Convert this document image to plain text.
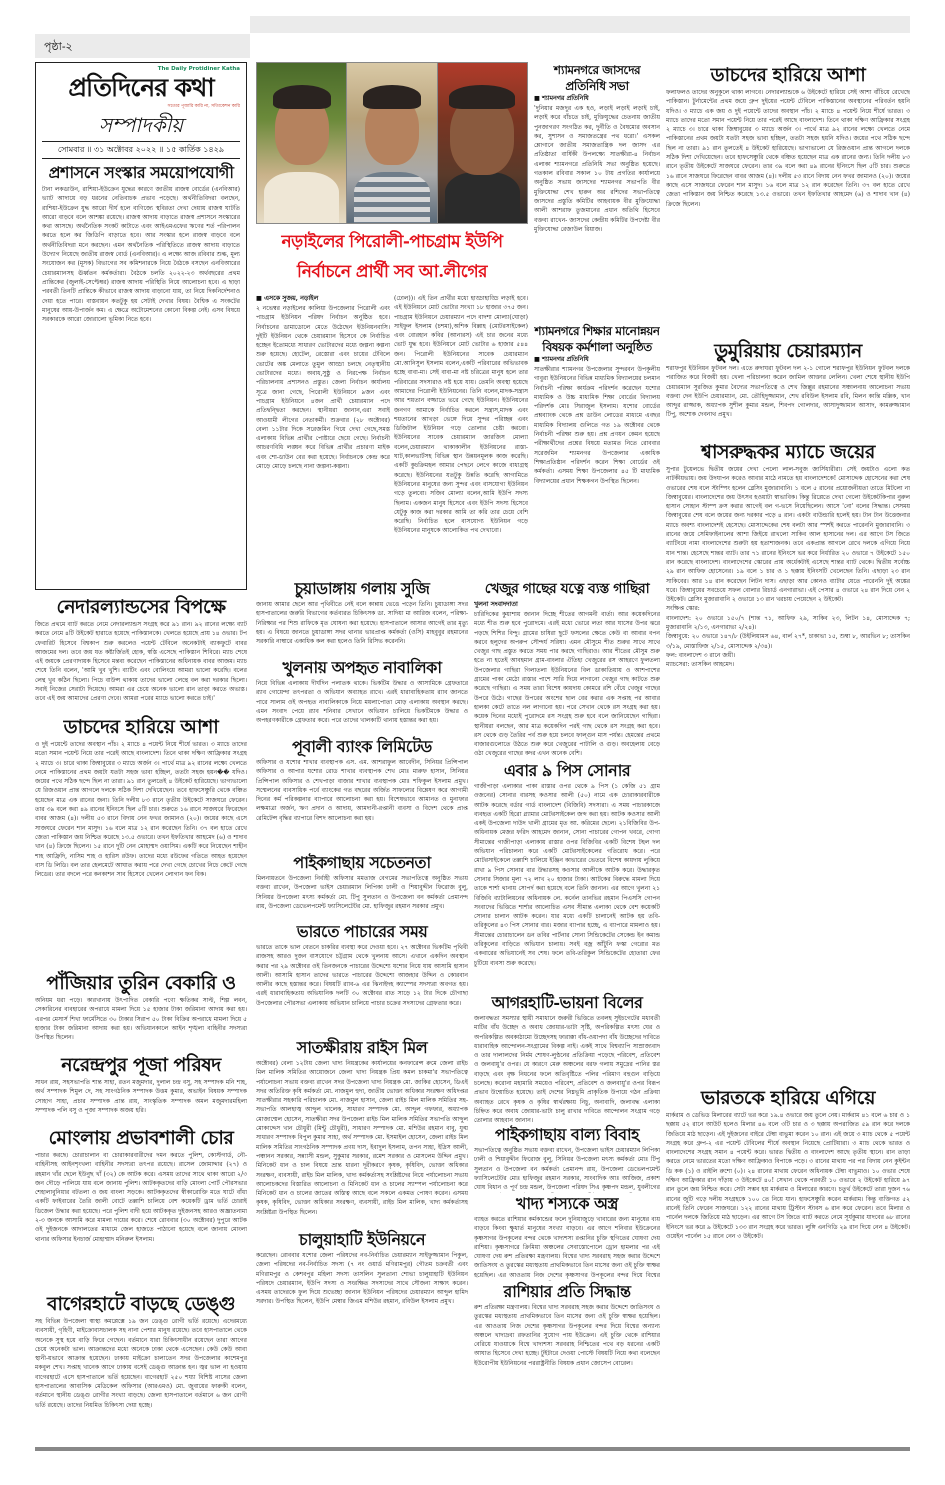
পৃষ্ঠা-২
The Daily Protidiner Katha
প্রতিদিনের কথা
সত্যের পূজারি কারি না, সত্যিকেশন কারি
সম্পাদকীয়
সোমবার ॥ ৩১ অক্টোবর ২০২২ ॥ ১৫ কার্তিক ১৪২৯
প্রশাসনে সংস্কার সময়োপযোগী
টানা লকডাউন, রাশিয়া-ইউক্রেন যুদ্ধের কারণে জাতীয় রাজস্ব বোর্ডের (এনবিআর) ভ্যাট আদায়ে বড় ধরনের নেতিবাচক প্রভাব পড়েছে। অর্থনীতিবিদরা বলছেন, রাশিয়া-ইউক্রেন যুদ্ধ আরো দীর্ঘ হলে বাণিজ্যে স্থবিরতা দেখা দেয়ায় রাজস্ব ঘাটতি আরো বাড়বে বলে আশঙ্কা রয়েছে। রাজস্ব আদায় বাড়াতে রাজস্ব প্রশাসনে সংস্কারের কথা আসছে। অর্থনৈতিক সংকট কাটাতে এবং আইএমএফের ঋণের শর্ত পরিপালন করতে হলে কর জিডিপি বাড়াতে হবে। আর সংস্কার হলে রাজস্ব বাড়বে বলে অর্থনীতিবিদরা মনে করছেন। এমন অর্থনৈতিক পরিস্থিতিতে রাজস্ব আদায় বাড়াতে উদ্যোগ নিয়েছে জাতীয় রাজস্ব বোর্ড (এনবিআর)। এ লক্ষ্যে আজ রবিবার শুল্ক, মূল্য সংযোজন কর (মূসক) বিভাগের সব কমিশনারকে নিয়ে বৈঠকে বসছেন এনবিআরের চেয়ারম্যানসহ ঊর্ধ্বতন কর্মকর্তারা। বৈঠকে চলতি ২০২২-২৩ অর্থবছরের প্রথম প্রান্তিকের (জুলাই-সেপ্টেম্বর) রাজস্ব আদায় পরিস্থিতি নিয়ে আলোচনা হবে। এ ছাড়া পরবর্তী তিনটি প্রান্তিকে কীভাবে রাজস্ব আদায় বাড়ানো যায়, তা নিয়ে দিকনির্দেশনাও দেয়া হতে পারে। বাস্তবায়ন কতটুকু হয় সেটাই দেখার বিষয়। বৈশ্বিক এ সংকটের মানুষের আয়-উপার্জন কম। এ ক্ষেত্রে অটোমেশনের কোনো বিকল্প নেই। এসব বিষয়ে সরকারকে আরো জোরালো ভূমিকা নিতে হবে।
নেদারল্যান্ডসের বিপক্ষে
জিতে প্রথমে ব্যাট করতে নেমে নেদারল্যান্ডস সংগ্রহ করে ৯১ রান। ৯২ রানের লক্ষ্যে ব্যাট করতে নেমে ৪টি উইকেট হারাতে হয়েছে পাকিস্তানকে। খেলতে হয়েছে প্রায় ১৪ ওভার। টপ ফেবারিট হিসেবে বিশ্বকাপ শুরু করলেও পয়েন্ট টেবিলে অনেকটাই ব্যাকফুটে বাবর আজমের দল। তবে জয় যত কষ্টার্জিতই হোক, স্বস্তি এসেছে পাকিস্তান শিবিরে। ম্যাচ শেষে এই জয়কে প্রেরণাদায়ক হিসেবে মন্তব্য করেছেন পাকিস্তানের অধিনায়ক বাবর আজম। ম্যাচ শেষে তিনি বলেন, 'আমি খুব খুশি। ব্যাটিং এবং বোলিংয়ে আমরা ভালো করেছি। বলের লেন্থ খুব কঠিন ছিলো। পিচে বাউন্স থাকায় তাদের ভালো লেন্থে বল করা দরকার ছিলো। সবাই নিজের সেরাটা দিয়েছে। আমরা এর চেয়ে অনেক ভালো রান তাড়া করতে অভ্যস্ত। তবে এই জয় আমাদের প্রেরণা দেবে। আমরা পরের ম্যাচে ভালো করতে চাই।'
ডাচদের হারিয়ে আশা
ও দুই পয়েন্টে তাদের অবস্থান পাঁচ। ২ ম্যাচে ৪ পয়েন্ট নিয়ে শীর্ষে ভারত। ৩ ম্যাচে তাদের মতো সমান পয়েন্ট নিয়ে তার পরেই আছে বাংলাদেশ। তিনে থাকা দক্ষিণ আফ্রিকার সংগ্রহ ২ ম্যাচে ৩। চারে থাকা জিম্বাবুয়ের ৩ ম্যাচে অর্জন ৩। পার্থে মাত্র ৯২ রানের লক্ষ্যে খেলতে নেমে পাকিস্তানের প্রথম জয়টা যতটা সহজ ভাবা হচ্ছিল, ততটা সহজ হয়ন�� যদিও। জয়ের পথে সঠিক ছন্দে ছিল না তারা। ৯১ রান তুলতেই ৪ উইকেট হারিয়েছে। ভাগ্যভালো যে রিজওয়ান প্রান্ত আগলে দলকে সঠিক দিশা দেখিয়েছেন। তবে হাফসেঞ্চুরি থেকে বঞ্চিত হয়েছেন মাত্র এক রানের জন্য। তিনি দলীয় ৮৩ রানে তৃতীয় উইকেটে সাজঘরে ফেরেন। তার ৩৯ বলে করা ৪৯ রানের ইনিংসে ছিল ৫টি চার। শুরুতে ১৬ রানে সাজঘরে ফিরেছেন বাবর আজম (৪)। দলীয় ৫৩ রানে বিদায় নেন ফখর জামানও (২০)। জয়ের কাছে এসে সাজঘরে ফেরেন শান মাসুদ। ১৬ বলে মাত্র ১২ রান করেছেন তিনি। ৩৭ বল হাতে রেখে জেতা পাকিস্তান জয় নিশ্চিত করেছে ১৩.৫ ওভারে। তখন ইফতিখার আহমেদ (৬) ও শাদাব খান (৪) ক্রিজে ছিলেন। ১৫ রানে দুটি নেন মোহাম্মদ ওয়াসিম। একটি করে নিয়েছেন শাহীন শাহ আফ্রিদি, নাসিম শাহ ও হারিস রউফ। তাদের মধ্যে রউফের গতিতে আহত হয়েছেন বাস ডি লিডি। বল তার হেলমেটে আঘাত করায় পরে দেখা গেছে চোখের নিচে কেটে গেছে লিডের। তার বদলে পরে কনকাশন সাব হিসেবে খেলেন লোগান ফন বিক।
পাঁজিয়ার তুরিন বেকারি ও
অনিয়ম ধরা পড়ে। কারখানায় উৎপাদিত বেকারি পণ্যে ক্ষতিকর সাল্ট, শিল্প লবন, সেকারিনের ব্যবহারের অপরাধে মামলা দিয়ে ১৫ হাজার টাকা জরিমানা আদায় করা হয়। এরপর মেসার্স শিখা ফার্মেসিতে ৩০ টাকার সিরাপ ৫০ টাকা বিক্রির অপরাধে মামলা দিয়ে ৫ হাজার টাকা জরিমানা আদায় করা হয়। অভিযানকালে আইন শৃঙ্খলা বাহিনীর সদস্যরা উপস্থিত ছিলেন।
নরেন্দ্রপুর পূজা পরিষদ
সাধন রায়, সহসভাপতি শান্ত সাহা, রতন মজুমদার, দুলাল চন্দ্র বসু, সহ সম্পাদক মনি শাহ, অর্থ সম্পাদক শিমুল দে, সহ সাংগঠনিক সম্পাদক উত্তম কুমার, অভাইন বিষয়ক সম্পাদক সোহাগ সাহা, প্রচার সম্পাদক প্রান্ত রায়, সাংস্কৃতিক সম্পাদক অমল মজুমদারমহিলা সম্পাদক পলি বসু ও পূজা সম্পাদক অজয় হরি।
মোংলায় প্রভাবশালী চোর
পাচার করছে। চোরাচালান বা চোরাকারবারীদের দমন করতে পুলিশ, কোস্টগার্ড, নৌ-বাহিনীসহ আইনশৃংখলা বাহিনীর সদস্যরা তৎপর রয়েছে। রাসেল জোমাদ্দার (২৭) ও রহমান খাঁর ছেলে ইউনুছ খাঁ (৩২) কে আটক করে। এসময় তাদের সাথে থাকা আরো ২/৩ জন দৌড়ে পালিয়ে যায় বলে জানায় পুলিশ। আটককৃতদের বাড়ি মোংলা পোর্ট পৌরসভার শেহালাবুনিয়ার বটতলা ও জয় বাংলা সড়কে। আটককৃতদের স্বীকারোক্তি মতে ঘাটে বাঁধা একটি ফাইবারের তৈরি জালী বোটে তল্লাশি চালিয়ে বেশ কয়েকটি ড্রাম ভর্তি চোরাই ডিজেল উদ্ধার করা হয়েছে। পরে পুলিশ বাদী হয়ে আটককৃত দুইজনসহ আরও অজ্ঞাতনামা ২-৩ জনকে আসামি করে মামলা দায়ের করে। শেষে রোববার (৩০ অক্টোবর) দুপুরে আটক ওই দুইজনকে আদালতের মাধ্যমে জেল হাজতে পাঠানো হয়েছে বলে জানায় মোংলা থানার অফিসার ইনচার্জ মোহাম্মাদ মনিরুল ইসলাম।
বাগেরহাটে বাড়ছে ডেঙ্গু
সহ বিভিন্ন উপজেলা স্বাস্থ্য কমপ্লেক্সে ১৯ জন ডেঙ্গু রোগী ভর্তি রয়েছে। এদেরমধ্যে ব্যবসায়ী, গৃহিণী, মাইক্রোবাসচালক সহ নানা পেশার মানুষ রয়েছে। তবে হাসপাতালে থেকে অনেকে সুস্থ হয়ে বাড়ি ফিরে গেছেন। বর্তমানে যারা চিকিৎসাধীন রয়েছেন তারা আগের চেয়ে অনেকটা ভাল। আক্রান্তদের মধ্যে অনেকে ঢাকা থেকে এসেছেন। কেউ কেউ আবা স্থানী-য়ভাবে আক্রান্ত হয়েছেন। ঢাকায় মাইক্রো চালাতেন সদর উপজেলার কাশেমপুর মকবুল শেখ। সপ্তাহ খানেক আগে ঢাকায় বসেই ডেঙ্গু আক্রান্ত হন। জ্বর ভাল না হওয়ায় বাগেরহাটে এসে হাসপাতালে ভর্তি হয়েছেন। বাগেরহাট ২৫০ শয্যা বিশিষ্ট নাসের জেলা হাসপাতালের আবাসিক মেডিকেল অফিসার (আরএমও) মো. জুবায়ের ফারুকী বলেন, বর্তমানে স্থানীয় ডেঙ্গু রোগীর সংখ্যা বাড়ছে। জেলা হাসপাতালে বর্তমানে ৬ জন রোগী ভর্তি রয়েছে। তাদের নিয়মিত চিকিৎসা দেয়া হচ্ছে।
নড়াইলের পিরোলী-পাচগ্রাম ইউপি নির্বাচনে প্রার্থী সব আ.লীগের
শ্যামনগরে জাসদের প্রতিনিধি সভা
■ শ্যামনগর প্রতিনিধি
'দুনিয়ার মজদুর এক হও, লড়াই লড়াই লড়াই চাই, লড়াই করে বাঁচতে চাই, মুক্তিযুদ্ধের চেতনায় জাতীয় পুনজাগরণ সংগঠিত কর, দুর্নীতি ও বৈষম্যের অবসান কর, সুশাসন ও সমাজতন্ত্রের পথ ধরো।' এসকল শ্লোগানে জাতীয় সমাজতান্ত্রিক দল জাসদ এর প্রতিষ্ঠাতা বার্ষিকী উপলক্ষ্যে সাতক্ষীরা-৪ নির্বাচন এলাকা শ্যামনগরে প্রতিনিধি সভা অনুষ্ঠিত হয়েছে। গতকাল রবিবার সকাল ১০ টায় প্রগতির কার্যালয়ে অনুষ্ঠিত সভায় জাসদের শ্যামনগর সভাপতি বীর মুক্তিযোদ্ধা শেখ হারুন অর রশিদের সভাপতিত্বে জাসদের প্রস্তুতি কমিটির আহবায়ক বীর মুক্তিযোদ্ধা আলী আশরাফ তুজমানের প্রধান অতিথি হিসেবে বক্তব্য রাখেন- জাসদের কেন্দ্রীয় কমিটির উপদেষ্টা বীর মুক্তিযোদ্ধা রেজাউল রিয়াজ।
শ্যামনগরে শিক্ষার মানোন্নয়ন বিষয়ক কর্মশালা অনুষ্ঠিত
■ শ্যামনগর প্রতিনিধি
সাতক্ষীরার শ্যামনগর উপজেলার সুন্দরবন উপকূলীয় গাবুরা ইউনিয়নের বিভিন্ন মাধ্যমিক বিদ্যালয়ের চলমান নির্বাচনী পরিক্ষা কার্যক্রম পরিদর্শন করেছেন যশোর মাধ্যমিক ও উচ্চ মাধ্যমিক শিক্ষা বোর্ডের বিদ্যালয় পরিদর্শক মোঃ সিরাজুল ইসলাম। যশোর বোর্ডের প্রশ্নব্যাংক থেকে প্রশ্ন ডাউন লোডের মাধ্যমে এবছর মাধ্যমিক বিদ্যালয় গুলিতে গত ১৯ অক্টোবর থেকে নির্বাচনী পরিক্ষা শুরু হয়। প্রশ্ন প্রণয়ন কেমন হয়েছে পরীক্ষার্থীদের প্রশ্নের বিষয়ে মতামত নিতে রোববার সরেজমিন শ্যামনগর উপজেলার একাধিক শিক্ষাপ্রতিষ্ঠান পরিদর্শন করেন শিক্ষা বোর্ডের ওই কর্মকর্তা। এসময় শিক্ষা উপজেলার ৪৫ টি মাধ্যমিক বিদ্যালয়ের প্রধান শিক্ষকগন উপস্থিত ছিলেন।
■ এসকে সুজয়, নড়াইল
২ নভেম্বর নড়াইলের কালিয়া উপজেলার পিরোলী এবং পাচগ্রাম ইউনিয়ন পরিষদ নির্বাচন অনুষ্ঠিত হবে। নির্বাচনের ডামাডোলে মেতে উঠেছেন ইউনিয়নবাসি। দুইটি ইউনিয়ন থেকে চেয়ারম্যান হিসেবে কে নির্বাচিত হচ্ছেন ইতোমধ্যে সাধারণ ভোটারদের মধ্যে জল্পনা কল্পনা শুরু হয়েছে। হোটেল, রেস্তোরা এবং চায়ের টেবিলে ভোটের অঙ্ক মেলাতে তুমুল আড্ডা চলছে নেতৃস্থানীয় ভোটারদের মধ্যে। অবাধ,সুষ্ঠু ও নিরপেক্ষ নির্বাচন পরিচালনায় প্রশাসনও প্রস্তুত। জেলা নির্বাচন কার্যালয় সূত্রে জানা গেছে, পিরোলী ইউনিয়নে ৯জন এবং পাচগ্রাম ইউনিয়নে ৪জন প্রার্থী চেয়ারম্যান পদে প্রতিদ্বন্দ্বিতা করছেন। স্থানীয়রা জানান,এরা সবাই আওয়ামী লীগের নেতাকর্মী। শুক্রবার (২৮ অক্টোবর) বেলা ১১টার দিকে সরেজমিন গিয়ে দেখা গেছে,সমস্ত এলাকায় বিভিন্ন প্রার্থীর পোষ্টারে ছেয়ে গেছে। নির্বাচনী আচরণবিধি লঙ্ঘন করে বিভিন্ন প্রার্থীর প্রচারণা মাইক এবং শো-ডাউন বের করা হয়েছে। নির্বাচনকে কেন্দ্র করে মোড়ে মোড়ে চলছে নানা জল্পনা-কল্পনা।
(ঢোল))। এই তিন প্রার্থীর মধ্যে হাড্ডাহাড্ডি লড়াই হবে। এই ইউনিয়নে মোট ভোটার সংখ্যা ১৮ হাজার ৩৭৫ জন। পাচগ্রাম ইউনিয়নে চেয়ারম্যান পদে বাদশা মোল্যা(ঘোড়া) সাইফুল ইসলাম (চশমা),অশিক বিল্লাহ (মোটরসাইকেল) এবং বোরহান কবির (আনারস) এই চার জনের মধ্যে ভোট যুদ্ধ হবে। ইউনিয়নে মোট ভোটার ৬ হাজার ৫৪৪ জন। পিরোলী ইউনিয়নের সাবেক চেয়ারম্যান মো.আনিসুল ইসলাম বলেন,একটি পরিবারের অভিভাবক হচ্ছে বাবা-মা। সেই বাবা-মা নষ্ট চরিত্রের মানুষ হলে তার পরিবারের সদস্যরাও নষ্ট হয়ে যায়। তেমনি অবস্থা হয়েছে আমাদের পিরোলী ইউনিয়নের। তিনি বলেন,মাদক-সন্ত্রাস আর শয়তান বজ্জাতে ভরে গেছে ইউনিয়ন। ইউনিয়নের জনগণ আমাকে নির্বাচিত করলে সন্ত্রাস,মাদক এবং শয়তানের আখড়া ভেঙ্গে দিয়ে সুন্দর পরিচ্ছন্ন এবং ডিজিটাল ইউনিয়ন গড়ে তোলার চেষ্টা করবো। ইউনিয়নের সাবেক চেয়ারম্যান জারজিস মোল্যা বলেন,চেয়ারম্যান থাকাকালীন ইউনিয়নের রাস্তা-ঘাট,কালভার্টসহ বিভিন্ন স্থান উন্নয়নমূলক কাজ করেছি। একটি কুচক্রিমহল আমার পেছনে লেগে কাজে বাধাগ্রস্থ করেছে। ইউনিয়নের যতটুকু উন্নতি করেছি আগামিতে ইউনিয়নের মানুষের জন্য সুন্দর এবং বাসযোগ্য ইউনিয়ন গড়ে তুলবো। সজিব মোল্যা বলেন,আমি ইউপি সদস্য ছিলাম। একজন মানুষ হিসেবে এবং ইউপি সদস্য হিসেবে যেটুকু কাজ করা দরকার আমি তা করি তার চেয়ে বেশি করেছি। নির্বাচিত হলে বাসযোগ্য ইউনিয়ন গড়ে ইউনিয়নের মানুষকে আলোকিত পথ দেখাবো।
চুয়াডাঙ্গায় গলায় সুজি
জানায় আমার ছেলে আর পৃথিবীতে নেই বলে কান্নায় ভেঙে পড়েন তিনি। চুয়াডাঙ্গা সদর হাসপাতালের জরুরি বিভাগের কর্তব্যরত চিকিৎসক ডা. সাদিয়া মা আরিজ বলেন, পরিক্ষা-নিরিক্ষার পর শিশু রাফিকে মৃত ঘোষনা করা হয়েছে। হাসপাতালে আসার আগেই তার মৃত্যু হয়। এ বিষয়ে জানতে চুয়াডাঙ্গা সদর থানার ভারপ্রাপ্ত কর্মকর্তা (ওসি) মাহবুবুর রহমানের সরকারি নাম্বারে একাধিক কল করা হলেও তিনি রিসিভ করেননি।
খুলনায় অপহৃত নাবালিকা
নিয়ে বিভিন্ন এলাকায় দীর্ঘদিন পলাতক থাকে। ভিকটিম উদ্ধার ও আসামিকে গ্রেফতারে র‌্যাব গোয়েন্দা তৎপরতা ও অভিযান অব্যাহত রাখে। এরই ধারাবাহিকতায় র‌্যাব জানতে পারে সালাম ওই অপহৃত নাবালিকাকে নিয়ে ময়লাপোতা মোড় এলাকায় অবস্থান করছে। এমন সংবাদ পেয়ে র‌্যাব শনিবার সেখানে অভিযান চালিয়ে ভিকটিমকে উদ্ধার ও অপহরণকারীকে গ্রেফতার করে। পরে তাদের খালকাটি থানায় হস্তান্তর করা হয়।
পূবালী ব্যাংক লিমিটেড
অফিসার ও যশোর শাখার ব্যবস্থাপক এস. এম. আশরাফুল আবেদীন, সিনিয়র প্রিন্সিপাল অফিসার ও আপার যশোর রোড শাখার ব্যবস্থাপক শেখ মোঃ মারুফ হাসান, সিনিয়র প্রিন্সিপাল অফিসার ও শেখপাড়া বাজার শাখার ব্যবস্থাপক মোঃ শফিকুল ইসলাম প্রমুখ। সম্মেলনের ব্যবসায়িক পর্বে ব্যাংকের গত বছরের অর্জিত সাফল্যের বিশ্লেষণ করে আগামী দিনের কর্ম পরিকল্পনার ব্যাপারে আলোচনা করা হয়। বিশেষভাবে আমানত ও মুনাফার লক্ষমাত্রা অর্জন, ঋণ প্রদান ও আদায়, আমদানী-রপ্তানী ব্যবসা ও বিদেশ থেকে প্রাপ্ত রেমিটেন্স বৃদ্ধির ব্যাপারে বিশদ আলোচনা করা হয়।
পাইকগাছায় সচেতনতা
মিলনায়তনে উপজেলা নির্বাহী অফিসার মমতাজ বেগমের সভাপতিত্বে অনুষ্ঠিত সভায় বক্তব্য রাখেন, উপজেলা ভাইস চেয়ারম্যান লিপিকা ঢালী ও শিয়াবুদ্দীন ফিরোজ বুলু, সিনিয়র উপজেলা মৎস্য কর্মকর্তা মো. টিপু সুলতান ও উপজেলা বন কর্মকর্তা প্রেমানন্দ রায়, উপজেলা ডেভেলপমেন্ট ফ্যাসিলেটেটর মো. হাফিজুর রহমান সরকার প্রমুখ।
ভারতে পাচারের সময়
ভারতে তাকে ভাল বেতনে চাকরির ব্যবস্থা করে দেওয়া হবে। ২৭ অক্টোবর ভিকটিম পৃথিবী রাজসহ আরও দুজন বাসযোগে চট্টগ্রাম থেকে খুলনায় আসে। এখানে একদিন অবস্থান করার পর ২৯ অক্টোবর ওই তিনজনকে পাচারের উদ্দেশ্যে যশোর নিয়ে যায় আসামি হাসান আলী। আসামি হাসান তাদের ভারতে পাচারের উদ্দেশ্যে আজহার উদ্দিন ও কোরবান আলীর কাছে হস্তান্তর করে। বিষয়টি র‌্যাব-৬ এর ঝিনাইদহ ক্যাম্পের সদস্যরা অবগত হয়। এরই ধারাবাহিকতায় অভিযানিক দলটি ৩০ অক্টোবর রাত সাড়ে ১২ টার দিকে চৌগাছা উপজেলার পৌরসভা এলাকায় অভিযান চালিয়ে পাচার চক্রের সদস্যদের গ্রেফতার করে।
সাতক্ষীরায় রাইস মিল
অক্টোবর) বেলা ১২টায় জেলা খাদ্য নিয়ন্ত্রকের কার্যালয়ের কনফারেন্স রুমে জেলা রাইচ মিল মালিক সমিতির আয়োজনে জেলা খাদ্য নিয়ন্ত্রক প্রিয় কমল চাকমা'র সভাপতিত্বে পর্যালোচনা সভায় বক্তব্য রাখেন সদর উপজেলা খাদ্য নিয়ন্ত্রক মো. জাকির হোসেন, ডিএই সদর অতিরিক্ত কৃষি কর্মকর্তা মো. নাজমুল হুদা, জাতীয় ভোক্তা অধিকার সংরক্ষণ অধিদপ্তর সাতক্ষীরার সহকারি পরিচালক মো. নাজমুল হাসান, জেলা রাইচ মিল মালিক সমিতির সহ-সভাপতি আলহাজ্ব আব্দুল খালেক, সাধারণ সম্পাদক মো. আব্দুল গফফার, অধ্যাপক মোজাম্মেল হোসেন, সাতক্ষীরা সদর উপজেলা রাইচ মিল মালিক সমিতির সভাপতি আব্দুল মোকাদ্দেস খান চৌধুরী (মিন্টু চৌধুরী), সাধারণ সম্পাদক মো. মশিউর রহমান বাবু, যুগ্ম সাধারণ সম্পাদক বিপুল কুমার সাহা, অর্থ সম্পাদক মো. ইসমাইল হোসেন, জেলা রাইচ মিল মালিক সমিতির সাংগঠনিক সম্পাদক প্রণয় দাস, ইবাদুল ইসলাম, তপন সাহা, ইদ্রিস আলী, পঞ্চানন সরকার, সন্ন্যাসী মন্ডল, সুকুমার সরকার, রমেশ সরকার ও মোসলেম উদ্দিন প্রমুখ। মিনিকেট ধান ও চাল বিষয়ে ভ্রান্ত ধারনা দূরীকরণে কৃষক, কৃষিবিদ, ভোক্তা অধিকার সংরক্ষণ, ব্যবসায়ী, রাইচ মিল মালিক, খাদ্য কর্মকর্তাসহ সংশ্লিষ্টদের নিয়ে পর্যালোচনা সভায় আলোচকদের বিস্তারিত আলোচনা ও মিনিকেট ধান ও চালের স্যাম্পল পর্যালোচনা করে মিনিকেট ধান ও চালের জাতের অস্তিত্ব আছে বলে সকলে একমত পোষণ করেন। এসময় কৃষক, কৃষিবিদ, ভোক্তা অধিকার সংরক্ষণ, ব্যবসায়ী, রাইচ মিল মালিক, খাদ্য কর্মকর্তাসহ সংশ্লিষ্টরা উপস্থিত ছিলেন।
চালুয়াহাটি ইউনিয়নে
করেছেন। রোববার যশোর জেলা পরিষদের নব-নির্বাচিত চেয়ারম্যান সাইফুজ্জামান পিকুল, জেলা পরিষদের নব-নির্বাচিত সদস্য (৭ নং ওয়ার্ড মণিরামপুর) গৌতম চক্রবর্তী এবং মণিরামপুর ও কেশবপুর মহিলা সদস্য তাসলিন সুলতানা শোভা চালুয়াহাটি ইউনিয়ন পরিষদে চেয়ারম্যান, ইউপি সদস্য ও সংরক্ষিত সদস্যদের সাথে সৌজন্য সাক্ষাৎ করেন। এসময় তাদেরকে ফুল দিয়ে শুভেচ্ছা জানান ইউনিয়ন পরিষদের চেয়ারম্যান আব্দুল হামিদ সরদার। উপস্থিত ছিলেন, ইউপি মেম্বার জিএম মশিউর রহমান, রবিউল ইসলাম প্রমুখ।
খেজুর গাছের যত্নে ব্যস্ত গাছিরা
খুলনা সংবাদদাতা
চারিদিকের কুয়াশায় জানান দিচ্ছে শীতের আগমনী বার্তা। আর কয়েকদিনের মধ্যে শীত শুরু হবে পুরোদমে। এরই মধ্যে ভোরে লতা আর ঘাসের উপর ঝরে পড়ছে শিশির বিন্দু। গ্রামের চাষিরা ছুটে ফসলের ক্ষেতে কেউ বা আবার বপন করবে হলুদের অপরুপ সৌন্দর্য সরিষা। এমন মৌসুমে শীত শুরুর সাথে সাথে খেজুর গাছ প্রস্তুত করতে সময় পার করছে গাছিরাও। আর শীতের মৌসুম শুরু হতে না হতেই আবহমান গ্রাম-বাংলার ঐতিহ্য খেজুরের রস আহরণে ফুলতলা উপজেলার গাছিরা গিলাতলা ইউনিয়নের বিল ডাকাতিয়ায় ও আশপাশের গ্রামের পাকা মেঠো রাস্তার পাশে সারি দিয়ে লাগানো খেজুর গাছ কাটতে শুরু করেছে গাছিরা। এ সময় তারা বিশেষ কায়দায় কোমরে রশি বেঁধে খেজুর গাছের উপরে উঠে। গাছের উপরের অংশের ছাল বের করার এক সপ্তাহ পর আবার হালকা কেটে তাতে নল লাগানো হয়। পরে সেখান থেকে রস সংগ্রহ করা হয়। কয়েক দিনের মধ্যেই পুরোদমে রস সংগ্রহ শুরু হবে বলে জানিয়েছেন গাছিরা। স্থানীয়রা বলছেন, আর মাত্র কয়েকদিন পরই গাছ থেকে রস সংগ্রহ করা হবে। রস থেকে গুড় তৈরির পর্ব শুরু হয়ে চলবে ফাল্গুন মাস পর্যন্ত। হেমন্তের প্রথমে বাজারগুলোতে উঠতে শুরু করে খেজুরের পাটালি ও গুড়। অবহেলায় বেড়ে ওঠা খেজুরের গাছের কদর এখন অনেক বেশি।
এবার ৯ পিস সোনার
গাজীপাড়া এলাকার পাকা রাস্তার ওপর থেকে ৯ পিস (১ কেজি ৫১ গ্রাম ওজনের) সোনার বারসহ কওসার আলী (৫০) নামে এক চোরাকারবারীকে আটক করেছে বর্ডার গার্ড বাংলাদেশ (বিজিবি) সদস্যরা। এ সময় পাচারকাজে ব্যবহৃত একটি হিরো গ্ল্যামার মোটরসাইকেল জব্দ করা হয়। আটক কওসার আলী একই উপজেলা দাউদ খালী গ্রামের মৃত আ. করিমের ছেলে। ২১বিজিবির উপ-অধিনায়ক মেজর ফরিদ আহমেদ জানান, সোনা পাচারের গোপন খবরে, গোগা সীমান্তের গাজীপাড়া এলাকায় রাস্তার ওপর বিজিবির একটি বিশেষ টহল দল অভিযান পরিচালনা করে একটি মোটরসাইকেলের গতিরোধ করে। পরে মোটরসাইকেলে তল্লাশি চালিয়ে ইঞ্জিন কাভারের ভেতরে বিশেষ কায়দায় লুকিয়ে রাখা ৯ পিস সোনার বার উদ্ধারসহ কওসার আলীকে আটক করে। উদ্ধারকৃত সোনার সিজার মূল্য ৭২ লাখ ২০ হাজার টাকা। আটকের বিরুদ্ধে মামলা দিয়ে তাকে শার্শা থানায় সোপর্দ করা হয়েছে বলে তিনি জানান। এর আগে খুলনা ২১ বিজিবি ব্যাটালিয়নের অধিনায়ক লে. কর্নেল তানভির রহমান পিএসসি গোপন সংবাদের ভিত্তিতে শার্শার আলোচিত এসব সীমান্ত এলাকা থেকে বেশ কয়েকটি সোনার চালান আটক করেন। যার মধ্যে একটি চালানেই আটক হয় তবি-তরিকুলের ৪৩ পিস সোনার বার। মজার ব্যাপার হচ্ছে, এ ব্যাপারে মামলাও হয়। সীমান্তের চোরাচালেন ডন তবির পার্টনার সোনা সিন্ডিকেটের সেকেন্ড ইন কমান্ড তরিকুলের বাড়িতে অভিযান চালায়। সবই বজ্র আঁটুনি ফস্কা গেরোর মত একবারের অভিযানেই সব শেষ। ফলে তবি-তরিকুল সিন্ডিকেটের হোতারা ফের চুটিয়ে ব্যবসা শুরু করেছে।
আগরহাটি-ভায়না বিলের
জলাবদ্ধতা সমস্যার স্থায়ী সমাধানে জরুরী ভিত্তিতে তবলহ সুইচগেটের মধ্যবর্তী মাটির বাঁধ উচ্ছেদ ও অবাধ জোয়ার-ভাটা সৃষ্টি, অপরিকল্পিত মৎস্য ঘের ও অপরিকল্পিত অবকাঠামো উচ্ছেদসহ ফারাক্কা বাঁধ-ওয়াপদা বাঁধ উচ্ছেদের দাবিতে ধারাবাহিক আন্দোলন-সংগ্রামের বিকল্প নাই। একই সাথে বিশ্বব্যাপি সাম্রাজ্যবাদ ও তার দালালদের নির্মম শোষণ-লুণ্ঠনের প্রতিক্রিয়া পড়েছে পরিবেশ, প্রতিবেশ ও জলবায়ু'র ওপর। যে কারণে মেরু অঞ্চলের বরফ গলায় সমুদ্রের পানির স্তর বাড়ছে এবং বৃক্ষ নিধনের ফলে অতিবৃষ্টিতে পলির পরিমাণ বহুগুন বাড়িয়ে চলেছে। করোনা মহামারি সময়েও পরিবেশ, প্রতিবেশ ও জলবায়ু'র ওপর বিরূপ প্রভাব উন্মোচিত হয়েছে। তাই দেশের নিম্নভূমি প্রাকৃতিক উপায়ে গঠন প্রক্রিয়া অব্যাহত রেখে কৃষক ও কৃষির স্বার্থরক্ষায় নিচু, অনাবাদি, জলাবদ্ধ এলাকা চিহ্নিত করে অবাধ জোয়ার-ভাটা চালু রাখার দাবিতে আন্দোলন সংগ্রাম গড়ে তোলার আহবান জানান।
পাইকগাছায় বাল্য বিবাহ
সভাপতিত্বে অনুষ্ঠিত সভায় বক্তব্য রাখেন, উপজেলা ভাইস চেয়ারম্যান লিপিকা ঢালী ও শিয়াবুদ্দীন ফিরোজ বুলু, সিনিয়র উপজেলা মৎস্য কর্মকর্তা মোঃ টিপু সুলতান ও উপজেলা বন কর্মকর্তা প্রেমানন্দ রায়, উপজেলা ডেভেলপমেন্ট ফ্যাসিলেটেটর মোঃ হাফিজুর রহমান সরকার, সাংবাদিক আঃ আজিজ, প্রকাশ ঘোষ বিধান ও পূর্ণ চন্দ্র মন্ডল, উপজেলা পরিষদ সিএ কৃষ্ণপদ মন্ডল, যুবলীগের
খাদ্য শস্যকে অস্ত্র
ব্যাহত করতে রাশিয়ার কর্মকান্ডের ফলে দুনিয়াজুড়ে খাবারের জন্য মানুষের ব্যয় বাড়বে কিংবা ক্ষুধার্ত মানুষের সংখ্যা বাড়বে। এর আগে শনিবার ইউক্রেনের কৃষ্ণসাগর উপকূলের বন্দর থেকে খাদ্যশস্য রপ্তানির চুক্তি স্থগিতের ঘোষণা দেয় রাশিয়া। কৃষ্ণসাগরে ক্রিমিয়া অঞ্চলের সেবাস্তোপোলে ড্রোন হামলার পর এই ঘোষণা দেয় রুশ প্রতিরক্ষা মন্ত্রণালয়। বিশ্বের খাদ্য সরবরাহ সহজ করার উদ্দেশে জাতিসংঘ ও তুরস্কের মধ্যস্থতায় প্রাথমিকভাবে তিন মাসের জন্য ওই চুক্তি স্বাক্ষর হয়েছিল। এর আওতায় নিজ দেশের কৃষ্ণসাগর উপকূলের বন্দর দিয়ে বিশ্বের
রাশিয়ার প্রতি সিদ্ধান্ত
রুশ প্রতিরক্ষা মন্ত্রণালয়। বিশ্বের খাদ্য সরবরাহ সহজ করার উদ্দেশে জাতিসংঘ ও তুরস্কের মধ্যস্থতায় প্রাথমিকভাবে তিন মাসের জন্য ওই চুক্তি স্বাক্ষর হয়েছিল। এর আওতায় নিজ দেশের কৃষ্ণসাগর উপকূলের বন্দর দিয়ে বিশ্বের অন্যান্য অঞ্চলে খাদ্যদ্রব্য রফতানির সুযোগ পায় ইউক্রেন। এই চুক্তি থেকে রাশিয়ার বেরিয়ে যাওয়াকে বিশ্বে খাদ্যশস্য সরবরাহ নিশ্চিতের পথে বড় ধরনের একটি আঘাত হিসেবে দেখা হচ্ছে। টুইটারে দেওয়া পোস্টে বিষয়টি নিয়ে কথা বলেছেন ইউরোপীয় ইউনিয়নের পররাষ্ট্রনীতি বিষয়ক প্রধান জোসেপ বোরেল।
ডাচদের হারিয়ে আশা
ফলাফলও তাদের অনুকূলে থাকা লাগবে। নেদারল্যান্ডকে ৬ উইকেটে হারিয়ে সেই আশা বাঁচিয়ে রেখেছে পাকিস্তান। টুর্নামেন্টের প্রথম জয়ে গ্রুপ দুইয়ের পয়েন্ট টেবিলে পাকিস্তানের অবস্থানের পরিবর্তন হয়নি যদিও। ৩ ম্যাচে এক জয় ও দুই পয়েন্টে তাদের অবস্থান পাঁচ। ২ ম্যাচে ৪ পয়েন্ট নিয়ে শীর্ষে ভারত। ৩ ম্যাচে তাদের মতো সমান পয়েন্ট নিয়ে তার পরেই আছে বাংলাদেশ। তিনে থাকা দক্ষিণ আফ্রিকার সংগ্রহ ২ ম্যাচে ৩। চারে থাকা জিম্বাবুয়ের ৩ ম্যাচে অর্জন ৩। পার্থে মাত্র ৯২ রানের লক্ষ্যে খেলতে নেমে পাকিস্তানের প্রথম জয়টা যতটা সহজ ভাবা হচ্ছিল, ততটা সহজ হয়নি যদিও। জয়ের পথে সঠিক ছন্দে ছিল না তারা। ৯১ রান তুলতেই ৪ উইকেট হারিয়েছে। ভাগ্যভালো যে রিজওয়ান প্রান্ত আগলে দলকে সঠিক দিশা দেখিয়েছেন। তবে হাফসেঞ্চুরি থেকে বঞ্চিত হয়েছেন মাত্র এক রানের জন্য। তিনি দলীয় ৮৩ রানে তৃতীয় উইকেটে সাজঘরে ফেরেন। তার ৩৯ বলে করা ৪৯ রানের ইনিংসে ছিল ৫টি চার। শুরুতে ১৬ রানে সাজঘরে ফিরেছেন বাবর আজম (৪)। দলীয় ৫৩ রানে বিদায় নেন ফখর জামানও (২০)। জয়ের কাছে এসে সাজঘরে ফেরেন শান মাসুদ। ১৬ বলে মাত্র ১২ রান করেছেন তিনি। ৩৭ বল হাতে রেখে জেতা পাকিস্তান জয় নিশ্চিত করেছে ১৩.৫ ওভারে। তখন ইফতিখার আহমেদ (৬) ও শাদাব খান (৪) ক্রিজে ছিলেন।
ডুমুরিয়ায় চেয়ারম্যান
শরাফপুর ইউনিয়ন ফুটবল দল। এতে রুদাঘরা ফুটবল দল ২-১ গোলে শরাফপুর ইউনিয়ন ফুটবল দলকে পরাজিত করে বিজয়ী হয়। খেলা পরিচালনা করেন জামিল আক্তার লেলিন। খেলা শেষে স্থানীয় ইউপি চেয়ারম্যান সুরজিত কুমার বৈদ্যের সভাপতিত্বে ও শেখ জিল্লুর রহমানের সঞ্চালনায় আলোচনা সভায় বক্তব্য দেন ইউপি চেয়ারম্যান, মো. তৌহিদুজ্জামান, শেখ রবিউল ইসলাম রবি, মিলন কান্তি মল্লিক, খান আব্দুর রাজ্জাক, অধ্যাপক সুশীল কুমার মন্ডল, শিবপদ গোলদার, আসাদুজ্জামান আসাদ, কামরুজ্জামান টিপু, অশোক দেবনাথ প্রমুখ।
শ্বাসরুদ্ধকর ম্যাচে জয়ের
সুপার টুয়েলভে দ্বিতীয় জয়ের দেখা পেলো লাল-সবুজ জার্সিধারীরা। সেই জয়টাও এলো কত নাটকীয়ভায়। জয় উদযাপন করেও আবার মাঠে নামতে হয় বাংলাদেশকে! মোসাদ্দেক হোসেনের করা শেষ ওভারের শেষ বলে স্টাম্পিং হলেন ব্লেসিং মুজারাবানি। ১ বলে ৫ রানের প্রয়োজনীয়তা তাতে মিটলো না জিম্বাবুয়ের। বাংলাদেশের জয় উৎসব হওয়াটা স্বাভাবিক। কিন্তু রিপ্লেতে দেখা গেলো উইকেটকিপার নুরুল হাসান সোহান স্টাম্প ক্রস করার আগেই বল গ-ভসে নিয়েছিলেন। আসে 'নো' বলের সিদ্ধান্ত। সেসময় জিম্বাবুয়ের শেষ বলে জয়ের জন্য দরকার পড়ে ৪ রান। একটা বাউন্ডারি হলেই হয়। টান টান উত্তেজনার ম্যাচে অবশ্য বাংলাদেশই হেসেছে। মোসাদ্দেকের শেষ বলটা আর স্পর্শই করতে পারেননি মুজারাবানি। ৩ রানের জয়ে সেমিফাইনালের আশা জিইয়ে রাখলো সাকিব আল হাসানের দল। এর আগে টস জিতে ব্যাটিংয়ে নামা বাংলাদেশের শুরুটা হয় হতাশাজনক। তবে একপ্রান্ত আগলে রেখে দলকে এগিয়ে নিয়ে যান শান্ত। হেসেছে শান্তর ব্যাট। তার ৭১ রানের ইনিংসে ভর করে নির্ধারিত ২০ ওভারে ৭ উইকেটে ১৫০ রান করেছে বাংলাদেশ। বাংলাদেশের স্কোরের প্রায় অর্ধেকটাই এসেছে শান্তর ব্যাট থেকে। দ্বিতীয় সর্বোচ্চ ২৯ রান আফিফ হোসেনের। ১৯ বলে ১ চার ও ১ ছক্কায় ইনিংসটি খেলেছেন তিনি। এছাড়া ২৩ রান সাকিবের। আর ১৪ রান করেছেন লিটন দাস। এছাড়া আর কোনও ব্যাটার যেতে পারেননি দুই অঙ্কের ঘরে। জিম্বাবুয়ের সবচেয়ে সফল বোলার রিচার্ড এনগারাভা। এই পেসার ৪ ওভারে ২৪ রান দিয়ে নেন ২ উইকেট। ব্লেসিং মুজারাবানি ২ ওভারে ১৩ রান খরচায় পেয়েছেন ২ উইকেট।
সংক্ষিপ্ত স্কোর:
বাংলাদেশ: ২০ ওভারে ১৫০/৭ (শান্ত ৭১, আফিফ ২৯, সাকিব ২৩, লিটন ১৪, মোসাদ্দেক ৭; মুজারাবানি ২/১৩, এনগারাভা ২/২৪)।
জিম্বাবুয়ে: ২০ ওভারে ১৪৭/৮ (উইলিয়ামস ৬৪, বার্ল ২৭*, চাকাভা ১৫, শুম্বা ৮, আরভিন ৮; তাসকিন ৩/১৯, মোস্তাফিজ ২/১৫, মোসাদ্দেক ২/৩৪)।
ফল: বাংলাদেশ ৩ রানে জয়ী।
ম্যাচসেরা: তাসকিন আহমেদ।
ভারতকে হারিয়ে এগিয়ে
মার্করাম ও ডেভিড মিলারের ব্যাটে ভর করে ১৯.৪ ওভারে জয় তুলে নেয়। মার্করাম ৪১ বলে ৬ চার ও ১ ছক্কায় ৫২ রানে আউট হলেও মিলার ৪৬ বলে ৩টি চার ও ৩ ছক্কায় অপরাজিত ৫৯ রান করে দলকে জিতিয়ে মাঠ ছাড়েন। এই দুইজনের বাইরে টেম্বা বাভুমা করেন ১০ রান। এই জয়ে ৩ ম্যাচ থেকে ৫ পয়েন্ট সংগ্রহ করে গ্রুপ-২ এর পয়েন্ট টেবিলের শীর্ষে অবস্থান নিয়েছে প্রোটিয়ারা। ৩ ম্যাচ থেকে ভারত ও বাংলাদেশের সংগ্রহ সমান ৪ পয়েন্ট করে। ভারত দ্বিতীয় ও বাংলাদেশ আছে তৃতীয় স্থানে। রান তাড়া করতে নেমে ভারতের মতো দক্ষিণ আফ্রিকাও বিপাকে পড়ে। ৩ রানের মাথায় পর পর বিদায় নেন কুইন্টন ডি কক (১) ও রাইলি রুশো (০)। ২৪ রানের মাথায় ফেরেন অধিনায়ক টেম্বা বাভুমাও। ১০ ওভার শেষে দক্ষিণ আফ্রিকার রান দাঁড়ায় ৩ উইকেটে ৪০! সেখান থেকে পরবর্তী ১০ ওভারে ২ উইকেট হারিয়ে ৯৭ রান তুলে জয় নিশ্চিত করে। সেটা সম্ভব হয় মার্করাম ও মিলারের কারণে। চতুর্থ উইকেটে তারা দুজন ৭৬ রানের জুটি গড়ে দলীয় সংগ্রহকে ১০০ তে নিয়ে যান। হাফসেঞ্চুরি করেন মার্করাম। কিন্তু ব্যক্তিগত ৫২ রানেই তিনি ফেরেন সাজঘরে। ১২২ রানের মাথায় ট্রিস্টান স্টাবস ৬ রান করে ফেরেন। তবে মিলার ও পার্নেল দলকে জিতিয়ে মাঠ ছাড়েন। এর আগে টস জিতে ব্যাট করতে নেমে সূর্যকুমার যাদবের ৬৮ রানের ইনিংসে ভর করে ৯ উইকেটে ১৩৩ রান সংগ্রহ করে ভারত। লুঙ্গি এনগিডি ২৯ রান দিয়ে নেন ৪ উইকেট। ওয়েইন পার্নেল ১৫ রানে নেন ৩ উইকেট।
